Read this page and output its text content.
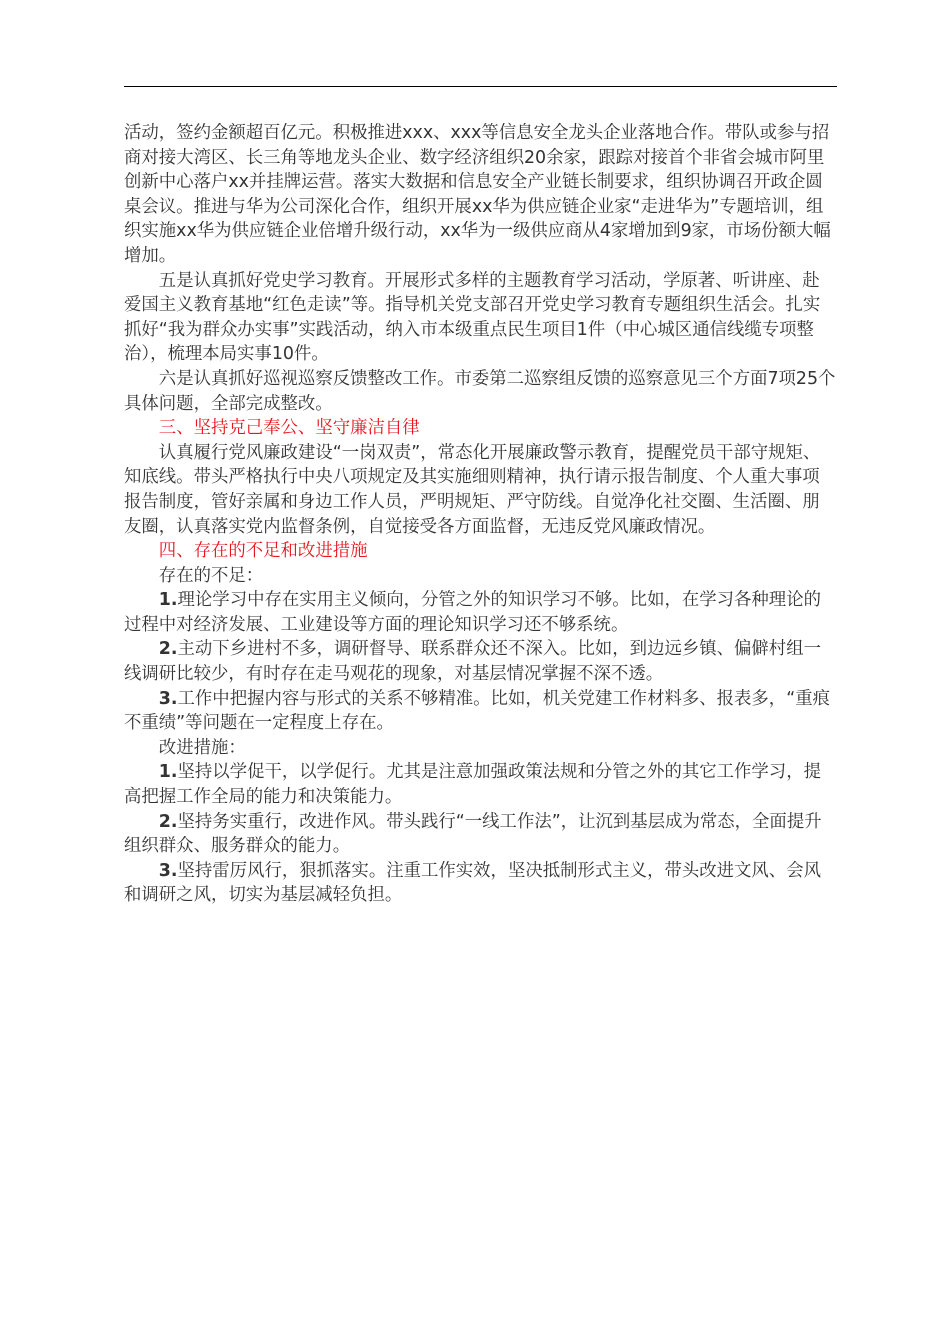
活动，签约金额超百亿元。积极推进xxx、xxx等信息安全龙头企业落地合作。带队或参与招商对接大湾区、长三角等地龙头企业、数字经济组织20余家，跟踪对接首个非省会城市阿里创新中心落户xx并挂牌运营。落实大数据和信息安全产业链长制要求，组织协调召开政企圆桌会议。推进与华为公司深化合作，组织开展xx华为供应链企业家“走进华为”专题培训，组织实施xx华为供应链企业倍增升级行动，xx华为一级供应商从4家增加到9家，市场份额大幅增加。

五是认真抓好党史学习教育。开展形式多样的主题教育学习活动，学原著、听讲座、赴爱国主义教育基地“红色走读”等。指导机关党支部召开党史学习教育专题组织生活会。扎实抓好“我为群众办实事”实践活动，纳入市本级重点民生项目1件（中心城区通信线缆专项整治），梳理本局实事10件。

六是认真抓好巡视巡察反馈整改工作。市委第二巡察组反馈的巡察意见三个方面7项25个具体问题，全部完成整改。

三、坚持克己奉公、坚守廉洁自律

认真履行党风廉政建设“一岗双责”，常态化开展廉政警示教育，提醒党员干部守规矩、知底线。带头严格执行中央八项规定及其实施细则精神，执行请示报告制度、个人重大事项报告制度，管好亲属和身边工作人员，严明规矩、严守防线。自觉净化社交圈、生活圈、朋友圈，认真落实党内监督条例，自觉接受各方面监督，无违反党风廉政情况。

四、存在的不足和改进措施

存在的不足：

1.理论学习中存在实用主义倾向，分管之外的知识学习不够。比如，在学习各种理论的过程中对经济发展、工业建设等方面的理论知识学习还不够系统。

2.主动下乡进村不多，调研督导、联系群众还不深入。比如，到边远乡镇、偏僻村组一线调研比较少，有时存在走马观花的现象，对基层情况掌握不深不透。

3.工作中把握内容与形式的关系不够精准。比如，机关党建工作材料多、报表多，“重痕不重绩”等问题在一定程度上存在。

改进措施：

1.坚持以学促干，以学促行。尤其是注意加强政策法规和分管之外的其它工作学习，提高把握工作全局的能力和决策能力。

2.坚持务实重行，改进作风。带头践行“一线工作法”，让沉到基层成为常态，全面提升组织群众、服务群众的能力。

3.坚持雷厉风行，狠抓落实。注重工作实效，坚决抵制形式主义，带头改进文风、会风和调研之风，切实为基层减轻负担。
